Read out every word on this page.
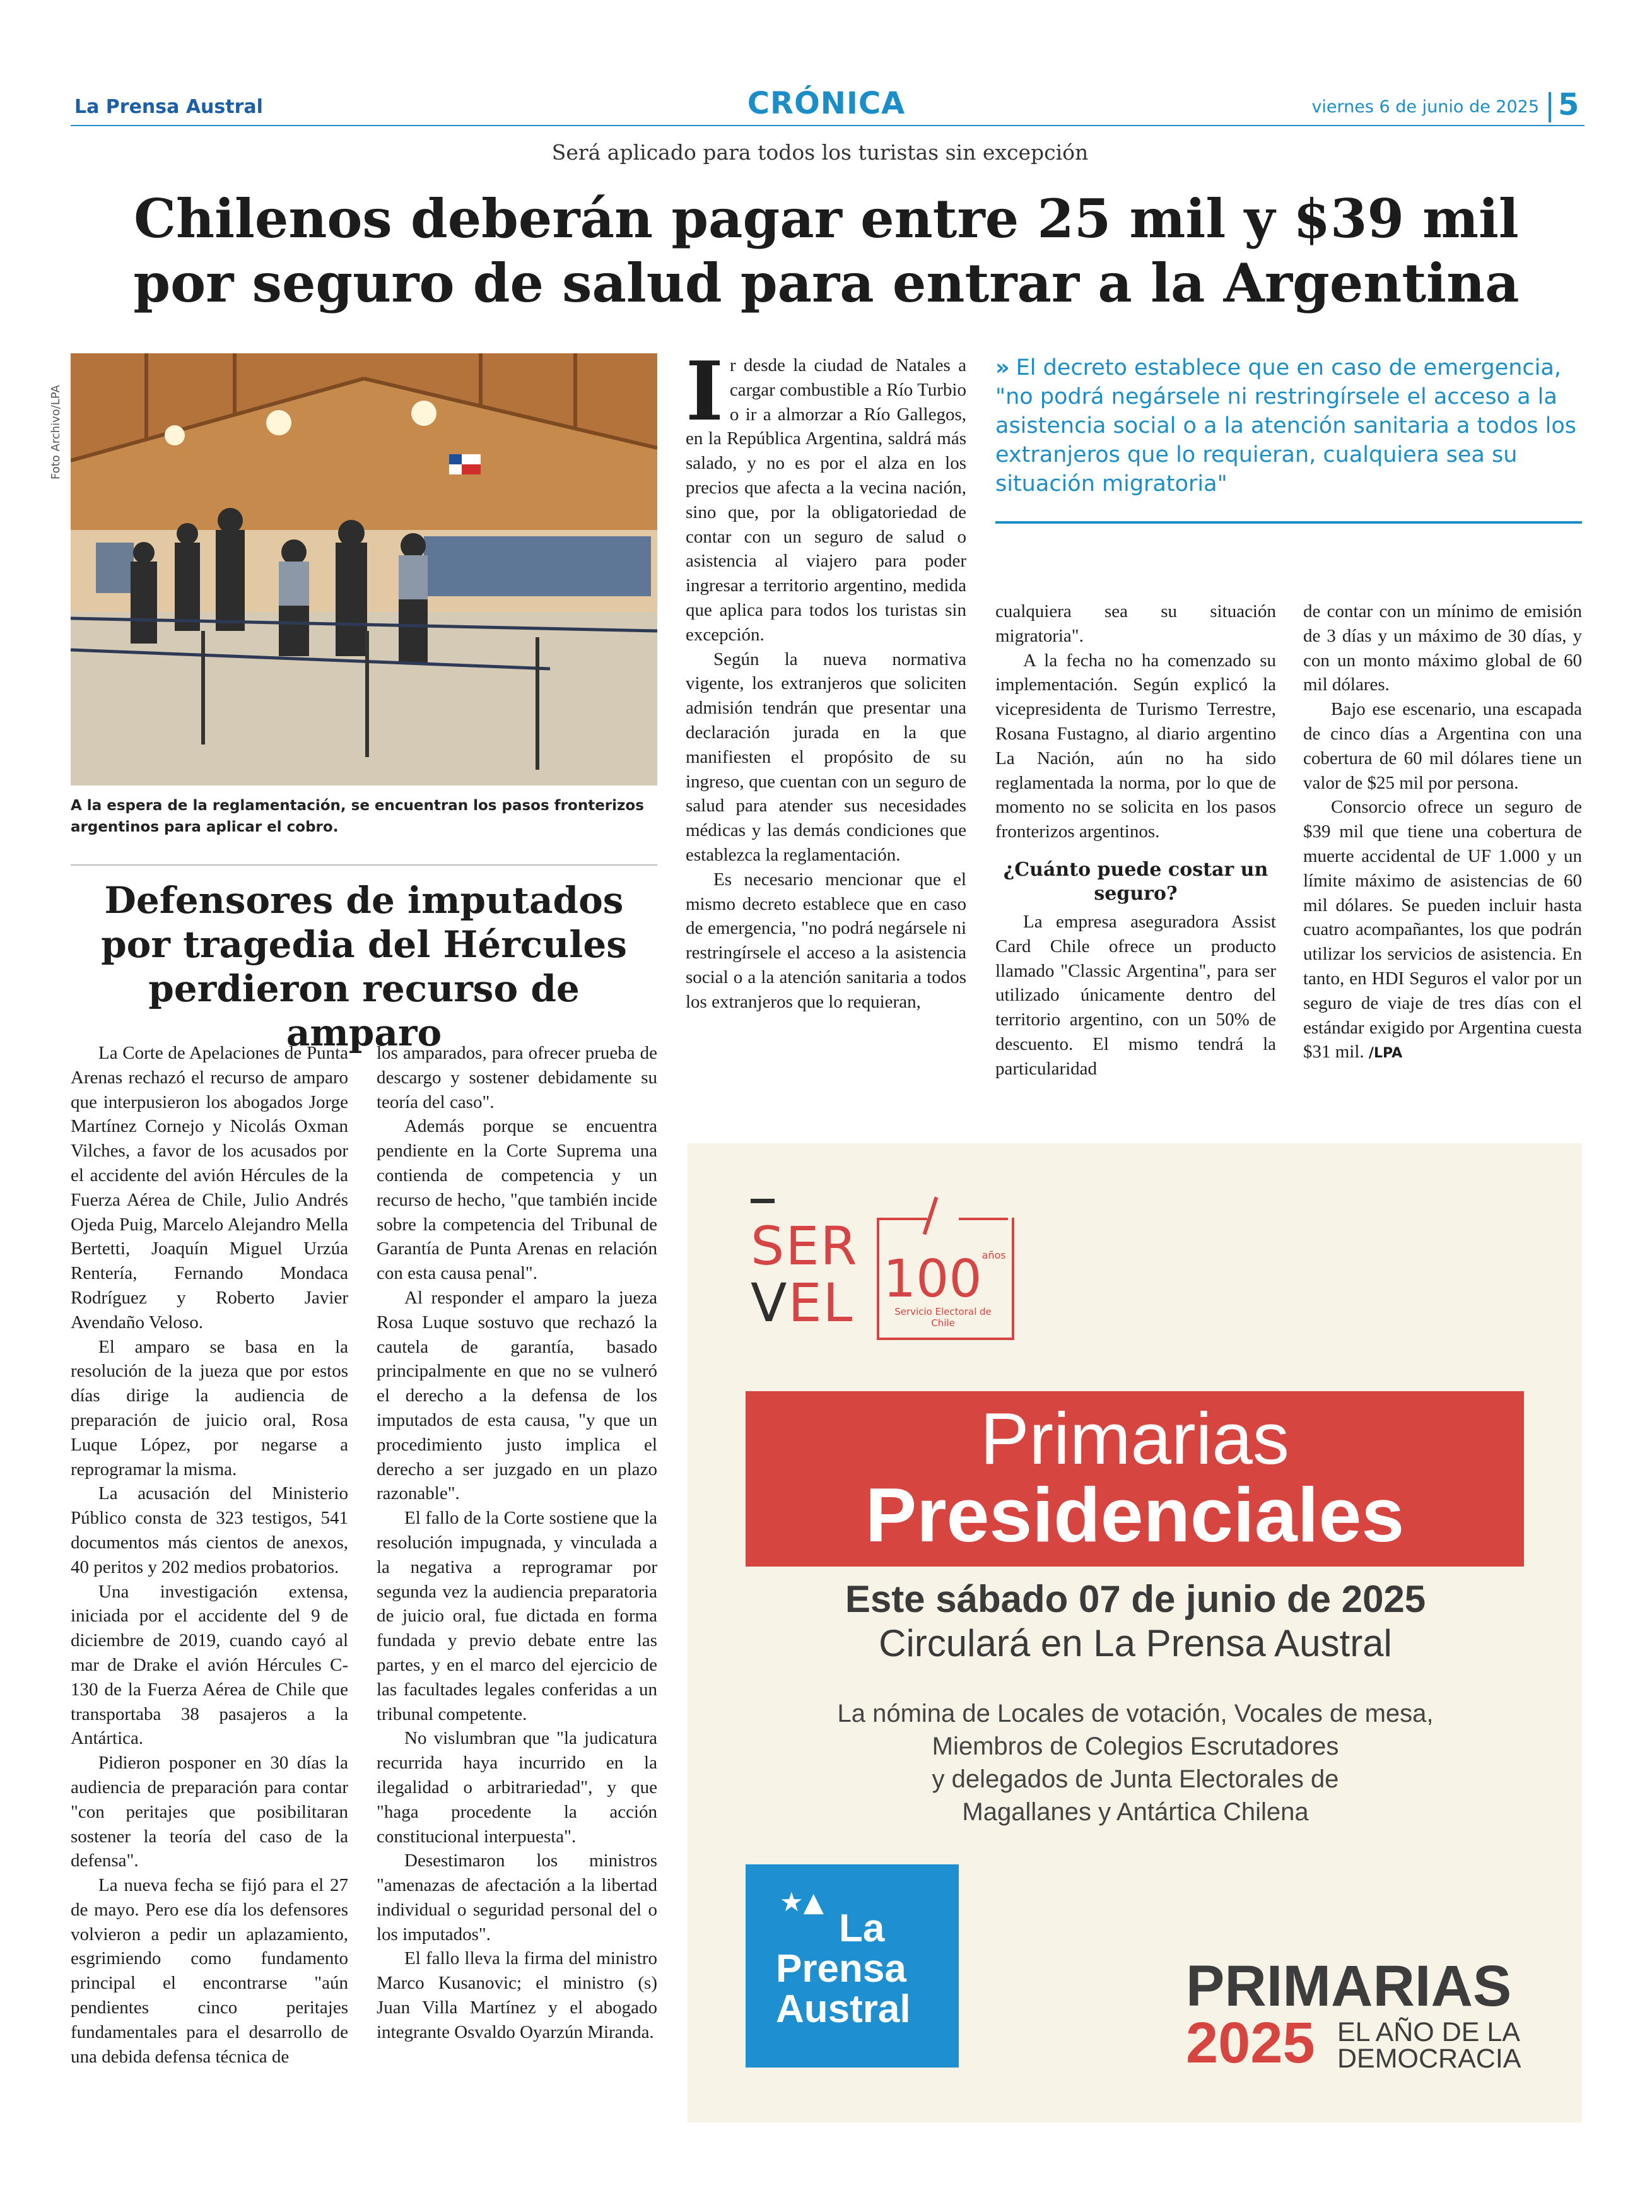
La Prensa Austral	CRÓNICA	viernes 6 de junio de 2025 5
Será aplicado para todos los turistas sin excepción
Chilenos deberán pagar entre 25 mil y $39 mil por seguro de salud para entrar a la Argentina
Foto Archivo/LPA
A la espera de la reglamentación, se encuentran los pasos fronterizos argentinos para aplicar el cobro.
Defensores de imputados por tragedia del Hércules perdieron recurso de amparo

La Corte de Apelaciones de Punta Arenas rechazó el recurso de amparo que interpusieron los abogados Jorge Martínez Cornejo y Nicolás Oxman Vilches, a favor de los acusados por el accidente del avión Hércules de la Fuerza Aérea de Chile, Julio Andrés Ojeda Puig, Marcelo Alejandro Mella Bertetti, Joaquín Miguel Urzúa Rentería, Fernando Mondaca Rodríguez y Roberto Javier Avendaño Veloso.

El amparo se basa en la resolución de la jueza que por estos días dirige la audiencia de preparación de juicio oral, Rosa Luque López, por negarse a reprogramar la misma.

La acusación del Ministerio Público consta de 323 testigos, 541 documentos más cientos de anexos, 40 peritos y 202 medios probatorios.

Una investigación extensa, iniciada por el accidente del 9 de diciembre de 2019, cuando cayó al mar de Drake el avión Hércules C-130 de la Fuerza Aérea de Chile que transportaba 38 pasajeros a la Antártica.

Pidieron posponer en 30 días la audiencia de preparación para contar "con peritajes que posibilitaran sostener la teoría del caso de la defensa".

La nueva fecha se fijó para el 27 de mayo. Pero ese día los defensores volvieron a pedir un aplazamiento, esgrimiendo como fundamento principal el encontrarse "aún pendientes cinco peritajes fundamentales para el desarrollo de una debida defensa técnica de

los amparados, para ofrecer prueba de descargo y sostener debidamente su teoría del caso".

Además porque se encuentra pendiente en la Corte Suprema una contienda de competencia y un recurso de hecho, "que también incide sobre la competencia del Tribunal de Garantía de Punta Arenas en relación con esta causa penal".

Al responder el amparo la jueza Rosa Luque sostuvo que rechazó la cautela de garantía, basado principalmente en que no se vulneró el derecho a la defensa de los imputados de esta causa, "y que un procedimiento justo implica el derecho a ser juzgado en un plazo razonable".

El fallo de la Corte sostiene que la resolución impugnada, y vinculada a la negativa a reprogramar por segunda vez la audiencia preparatoria de juicio oral, fue dictada en forma fundada y previo debate entre las partes, y en el marco del ejercicio de las facultades legales conferidas a un tribunal competente.

No vislumbran que "la judicatura recurrida haya incurrido en la ilegalidad o arbitrariedad", y que "haga procedente la acción constitucional interpuesta".

Desestimaron los ministros "amenazas de afectación a la libertad individual o seguridad personal del o los imputados".

El fallo lleva la firma del ministro Marco Kusanovic; el ministro (s) Juan Villa Martínez y el abogado integrante Osvaldo Oyarzún Miranda.

Ir desde la ciudad de Natales a cargar combustible a Río Turbio o ir a almorzar a Río Gallegos, en la República Argentina, saldrá más salado, y no es por el alza en los precios que afecta a la vecina nación, sino que, por la obligatoriedad de contar con un seguro de salud o asistencia al viajero para poder ingresar a territorio argentino, medida que aplica para todos los turistas sin excepción.

Según la nueva normativa vigente, los extranjeros que soliciten admisión tendrán que presentar una declaración jurada en la que manifiesten el propósito de su ingreso, que cuentan con un seguro de salud para atender sus necesidades médicas y las demás condiciones que establezca la reglamentación.

Es necesario mencionar que el mismo decreto establece que en caso de emergencia, "no podrá negársele ni restringírsele el acceso a la asistencia social o a la atención sanitaria a todos los extranjeros que lo requieran,

» El decreto establece que en caso de emergencia, "no podrá negársele ni restringírsele el acceso a la asistencia social o a la atención sanitaria a todos los extranjeros que lo requieran, cualquiera sea su situación migratoria"

cualquiera sea su situación migratoria".

A la fecha no ha comenzado su implementación. Según explicó la vicepresidenta de Turismo Terrestre, Rosana Fustagno, al diario argentino La Nación, aún no ha sido reglamentada la norma, por lo que de momento no se solicita en los pasos fronterizos argentinos.

¿Cuánto puede costar un seguro?

La empresa aseguradora Assist Card Chile ofrece un producto llamado "Classic Argentina", para ser utilizado únicamente dentro del territorio argentino, con un 50% de descuento. El mismo tendrá la particularidad

de contar con un mínimo de emisión de 3 días y un máximo de 30 días, y con un monto máximo global de 60 mil dólares.

Bajo ese escenario, una escapada de cinco días a Argentina con una cobertura de 60 mil dólares tiene un valor de $25 mil por persona.

Consorcio ofrece un seguro de $39 mil que tiene una cobertura de muerte accidental de UF 1.000 y un límite máximo de asistencias de 60 mil dólares. Se pueden incluir hasta cuatro acompañantes, los que podrán utilizar los servicios de asistencia. En tanto, en HDI Seguros el valor por un seguro de viaje de tres días con el estándar exigido por Argentina cuesta $31 mil. /LPA

SER
VEL $100^{años}$
Servicio Electoral de Chile
Primarias
Presidenciales
Este sábado 07 de junio de 2025
Circulará en La Prensa Austral
La nómina de Locales de votación, Vocales de mesa,
Miembros de Colegios Escrutadores
y delegados de Junta Electorales de
Magallanes y Antártica Chilena
★▲
La
Prensa
Austral	PRIMARIAS
2025 EL AÑO DE LA
DEMOCRACIA
